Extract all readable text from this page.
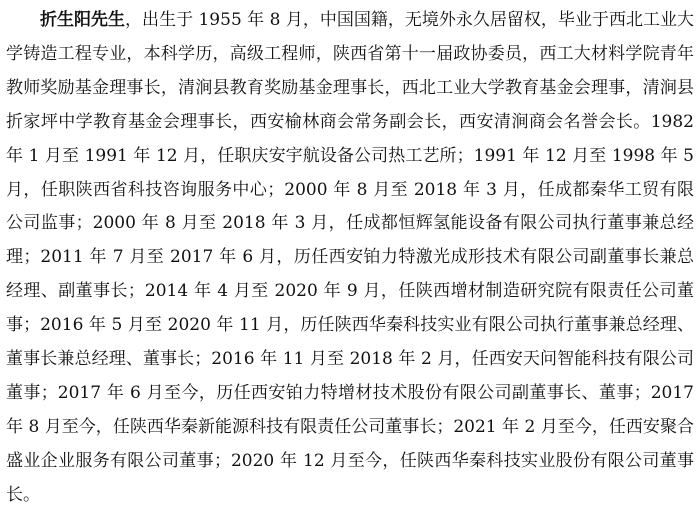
折生阳先生，出生于 1955 年 8 月，中国国籍，无境外永久居留权，毕业于西北工业大学铸造工程专业，本科学历，高级工程师，陕西省第十一届政协委员，西工大材料学院青年教师奖励基金理事长，清涧县教育奖励基金理事长，西北工业大学教育基金会理事，清涧县折家坪中学教育基金会理事长，西安榆林商会常务副会长，西安清涧商会名誉会长。1982 年 1 月至 1991 年 12 月，任职庆安宇航设备公司热工艺所；1991 年 12 月至 1998 年 5 月，任职陕西省科技咨询服务中心；2000 年 8 月至 2018 年 3 月，任成都秦华工贸有限公司监事；2000 年 8 月至 2018 年 3 月，任成都恒辉氢能设备有限公司执行董事兼总经理；2011 年 7 月至 2017 年 6 月，历任西安铂力特激光成形技术有限公司副董事长兼总经理、副董事长；2014 年 4 月至 2020 年 9 月，任陕西增材制造研究院有限责任公司董事；2016 年 5 月至 2020 年 11 月，历任陕西华秦科技实业有限公司执行董事兼总经理、董事长兼总经理、董事长；2016 年 11 月至 2018 年 2 月，任西安天问智能科技有限公司董事；2017 年 6 月至今，历任西安铂力特增材技术股份有限公司副董事长、董事；2017 年 8 月至今，任陕西华秦新能源科技有限责任公司董事长；2021 年 2 月至今，任西安聚合盛业企业服务有限公司董事；2020 年 12 月至今，任陕西华秦科技实业股份有限公司董事长。
